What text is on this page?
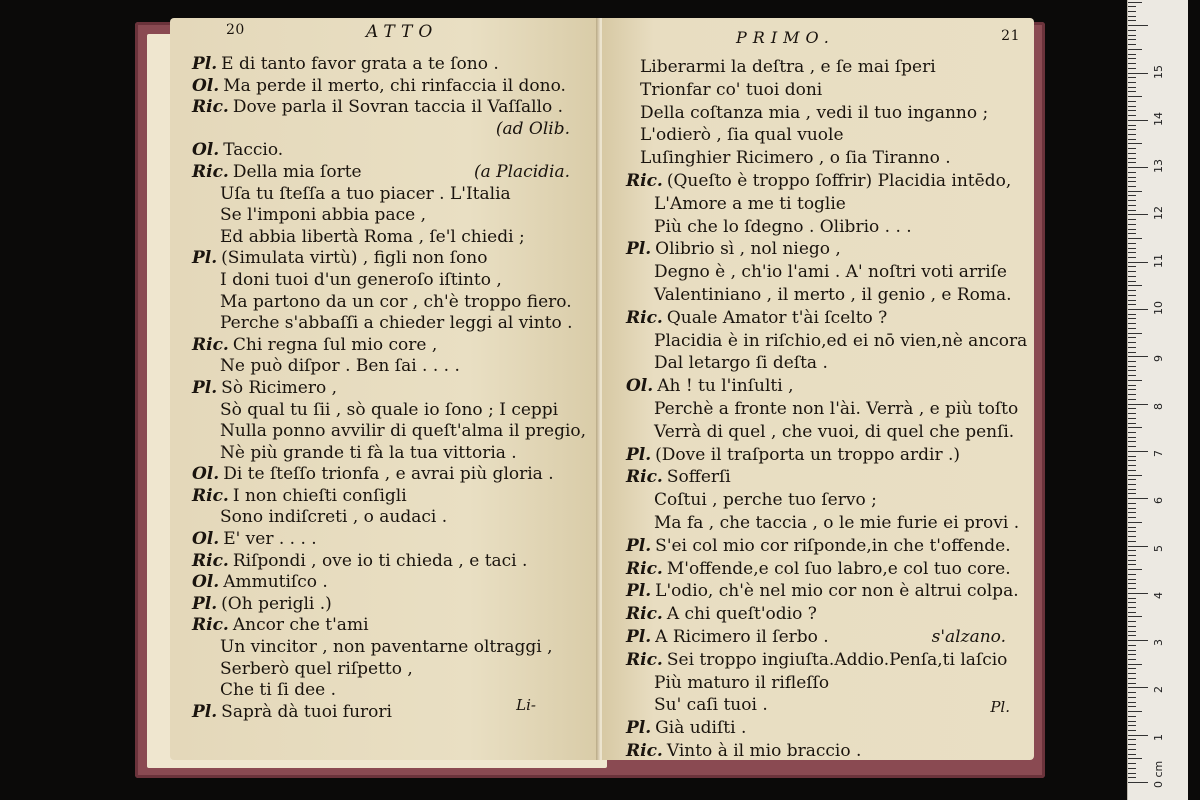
20	ATTO
Pl. E di tanto favor grata a te ſono .
Ol. Ma perde il merto, chi rinfaccia il dono.
Ric. Dove parla il Sovran taccia il Vaſſallo .
(ad Olib.
Ol. Taccio.
Ric. Della mia ſorte	(a Placidia.
Uſa tu ſteſſa a tuo piacer . L'Italia
Se l'imponi abbia pace ,
Ed abbia libertà Roma , ſe'l chiedi ;
Pl. (Simulata virtù) , figli non ſono
I doni tuoi d'un generoſo iſtinto ,
Ma partono da un cor , ch'è troppo fiero.
Perche s'abbaſſi a chieder leggi al vinto .
Ric. Chi regna ſul mio core ,
Ne può diſpor . Ben ſai . . . .
Pl. Sò Ricimero ,
Sò qual tu ſii , sò quale io ſono ; I ceppi
Nulla ponno avvilir di queſt'alma il pregio,
Nè più grande ti fà la tua vittoria .
Ol. Di te ſteſſo trionfa , e avrai più gloria .
Ric. I non chieſti conſigli
Sono indiſcreti , o audaci .
Ol. E' ver . . . .
Ric. Riſpondi , ove io ti chieda , e taci .
Ol. Ammutiſco .
Pl. (Oh perigli .)
Ric. Ancor che t'ami
Un vincitor , non paventarne oltraggi ,
Serberò quel riſpetto ,
Che ti ſi dee .
Pl. Saprà dà tuoi furori	Li-
PRIMO.	21
Liberarmi la deſtra , e ſe mai ſperi
Trionfar co' tuoi doni
Della coſtanza mia , vedi il tuo inganno ;
L'odierò , ſia qual vuole
Luſinghier Ricimero , o ſia Tiranno .
Ric. (Queſto è troppo ſoffrir) Placidia intēdo,
L'Amore a me ti toglie
Più che lo ſdegno . Olibrio . . .
Pl. Olibrio sì , nol niego ,
Degno è , ch'io l'ami . A' noſtri voti arriſe
Valentiniano , il merto , il genio , e Roma.
Ric. Quale Amator t'ài ſcelto ?
Placidia è in riſchio,ed ei nō vien,nè ancora
Dal letargo ſi deſta .
Ol. Ah ! tu l'inſulti ,
Perchè a fronte non l'ài. Verrà , e più toſto
Verrà di quel , che vuoi, di quel che penſi.
Pl. (Dove il traſporta un troppo ardir .)
Ric. Sofferſi
Coſtui , perche tuo ſervo ;
Ma fa , che taccia , o le mie furie ei provi .
Pl. S'ei col mio cor riſponde,in che t'offende.
Ric. M'offende,e col ſuo labro,e col tuo core.
Pl. L'odio, ch'è nel mio cor non è altrui colpa.
Ric. A chi queſt'odio ?
Pl. A Ricimero il ſerbo .	s'alzano.
Ric. Sei troppo ingiuſta.Addio.Penſa,ti laſcio
Più maturo il rifleſſo
Su' caſi tuoi .
Pl. Già udiſti .
Ric. Vinto à il mio braccio .
Pl.
0 cm
1
2
3
4
5
6
7
8
9
10
11
12
13
14
15
